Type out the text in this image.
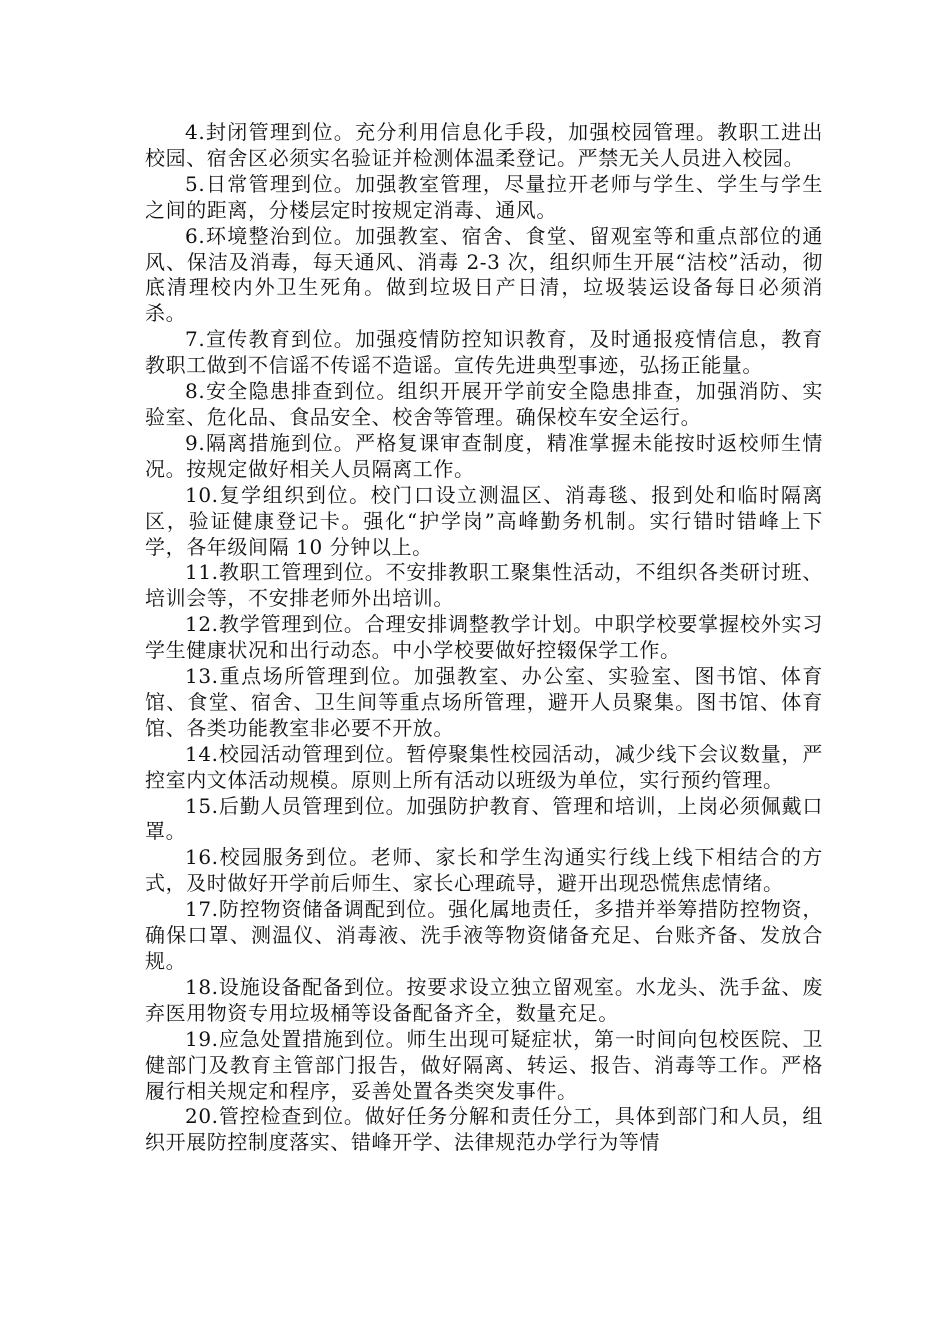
4.封闭管理到位。充分利用信息化手段，加强校园管理。教职工进出校园、宿舍区必须实名验证并检测体温柔登记。严禁无关人员进入校园。

5.日常管理到位。加强教室管理，尽量拉开老师与学生、学生与学生之间的距离，分楼层定时按规定消毒、通风。

6.环境整治到位。加强教室、宿舍、食堂、留观室等和重点部位的通风、保洁及消毒，每天通风、消毒 2-3 次，组织师生开展“洁校”活动，彻底清理校内外卫生死角。做到垃圾日产日清，垃圾装运设备每日必须消杀。

7.宣传教育到位。加强疫情防控知识教育，及时通报疫情信息，教育教职工做到不信谣不传谣不造谣。宣传先进典型事迹，弘扬正能量。

8.安全隐患排查到位。组织开展开学前安全隐患排查，加强消防、实验室、危化品、食品安全、校舍等管理。确保校车安全运行。

9.隔离措施到位。严格复课审查制度，精准掌握未能按时返校师生情况。按规定做好相关人员隔离工作。

10.复学组织到位。校门口设立测温区、消毒毯、报到处和临时隔离区，验证健康登记卡。强化“护学岗”高峰勤务机制。实行错时错峰上下学，各年级间隔 10 分钟以上。

11.教职工管理到位。不安排教职工聚集性活动，不组织各类研讨班、培训会等，不安排老师外出培训。

12.教学管理到位。合理安排调整教学计划。中职学校要掌握校外实习学生健康状况和出行动态。中小学校要做好控辍保学工作。

13.重点场所管理到位。加强教室、办公室、实验室、图书馆、体育馆、食堂、宿舍、卫生间等重点场所管理，避开人员聚集。图书馆、体育馆、各类功能教室非必要不开放。

14.校园活动管理到位。暂停聚集性校园活动，减少线下会议数量，严控室内文体活动规模。原则上所有活动以班级为单位，实行预约管理。

15.后勤人员管理到位。加强防护教育、管理和培训，上岗必须佩戴口罩。

16.校园服务到位。老师、家长和学生沟通实行线上线下相结合的方式，及时做好开学前后师生、家长心理疏导，避开出现恐慌焦虑情绪。

17.防控物资储备调配到位。强化属地责任，多措并举筹措防控物资，确保口罩、测温仪、消毒液、洗手液等物资储备充足、台账齐备、发放合规。

18.设施设备配备到位。按要求设立独立留观室。水龙头、洗手盆、废弃医用物资专用垃圾桶等设备配备齐全，数量充足。

19.应急处置措施到位。师生出现可疑症状，第一时间向包校医院、卫健部门及教育主管部门报告，做好隔离、转运、报告、消毒等工作。严格履行相关规定和程序，妥善处置各类突发事件。

20.管控检查到位。做好任务分解和责任分工，具体到部门和人员，组织开展防控制度落实、错峰开学、法律规范办学行为等情
